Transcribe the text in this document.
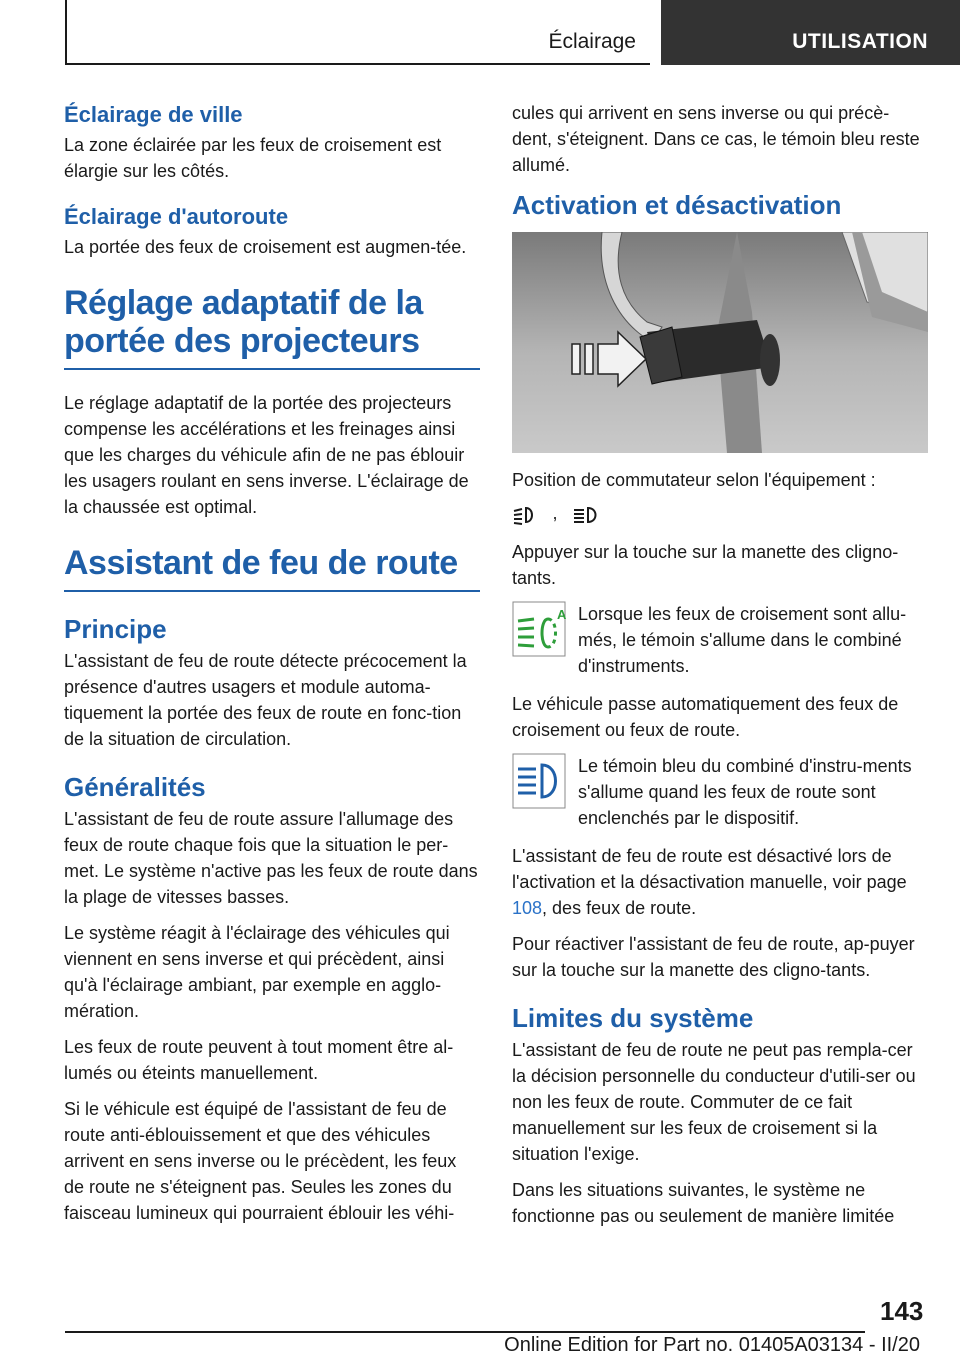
Éclairage	UTILISATION
Éclairage de ville

La zone éclairée par les feux de croisement est élargie sur les côtés.

Éclairage d'autoroute

La portée des feux de croisement est augmen-tée.

Réglage adaptatif de la portée des projecteurs

Le réglage adaptatif de la portée des projecteurs compense les accélérations et les freinages ainsi que les charges du véhicule afin de ne pas éblouir les usagers roulant en sens inverse. L'éclairage de la chaussée est optimal.

Assistant de feu de route
Principe

L'assistant de feu de route détecte précocement la présence d'autres usagers et module automa-tiquement la portée des feux de route en fonc-tion de la situation de circulation.

Généralités

L'assistant de feu de route assure l'allumage des feux de route chaque fois que la situation le per-met. Le système n'active pas les feux de route dans la plage de vitesses basses.

Le système réagit à l'éclairage des véhicules qui viennent en sens inverse et qui précèdent, ainsi qu'à l'éclairage ambiant, par exemple en agglo-mération.

Les feux de route peuvent à tout moment être al-lumés ou éteints manuellement.

Si le véhicule est équipé de l'assistant de feu de route anti-éblouissement et que des véhicules arrivent en sens inverse ou le précèdent, les feux de route ne s'éteignent pas. Seules les zones du faisceau lumineux qui pourraient éblouir les véhi-

cules qui arrivent en sens inverse ou qui précè-dent, s'éteignent. Dans ce cas, le témoin bleu reste allumé.

Activation et désactivation

Position de commutateur selon l'équipement :

,

Appuyer sur la touche sur la manette des cligno-tants.

A Lorsque les feux de croisement sont allu-més, le témoin s'allume dans le combiné d'instruments.

Le véhicule passe automatiquement des feux de croisement ou feux de route.

Le témoin bleu du combiné d'instru-ments s'allume quand les feux de route sont enclenchés par le dispositif.

L'assistant de feu de route est désactivé lors de l'activation et la désactivation manuelle, voir page 108, des feux de route.

Pour réactiver l'assistant de feu de route, ap-puyer sur la touche sur la manette des cligno-tants.

Limites du système

L'assistant de feu de route ne peut pas rempla-cer la décision personnelle du conducteur d'utili-ser ou non les feux de route. Commuter de ce fait manuellement sur les feux de croisement si la situation l'exige.

Dans les situations suivantes, le système ne fonctionne pas ou seulement de manière limitée

143
Online Edition for Part no. 01405A03134 - II/20
